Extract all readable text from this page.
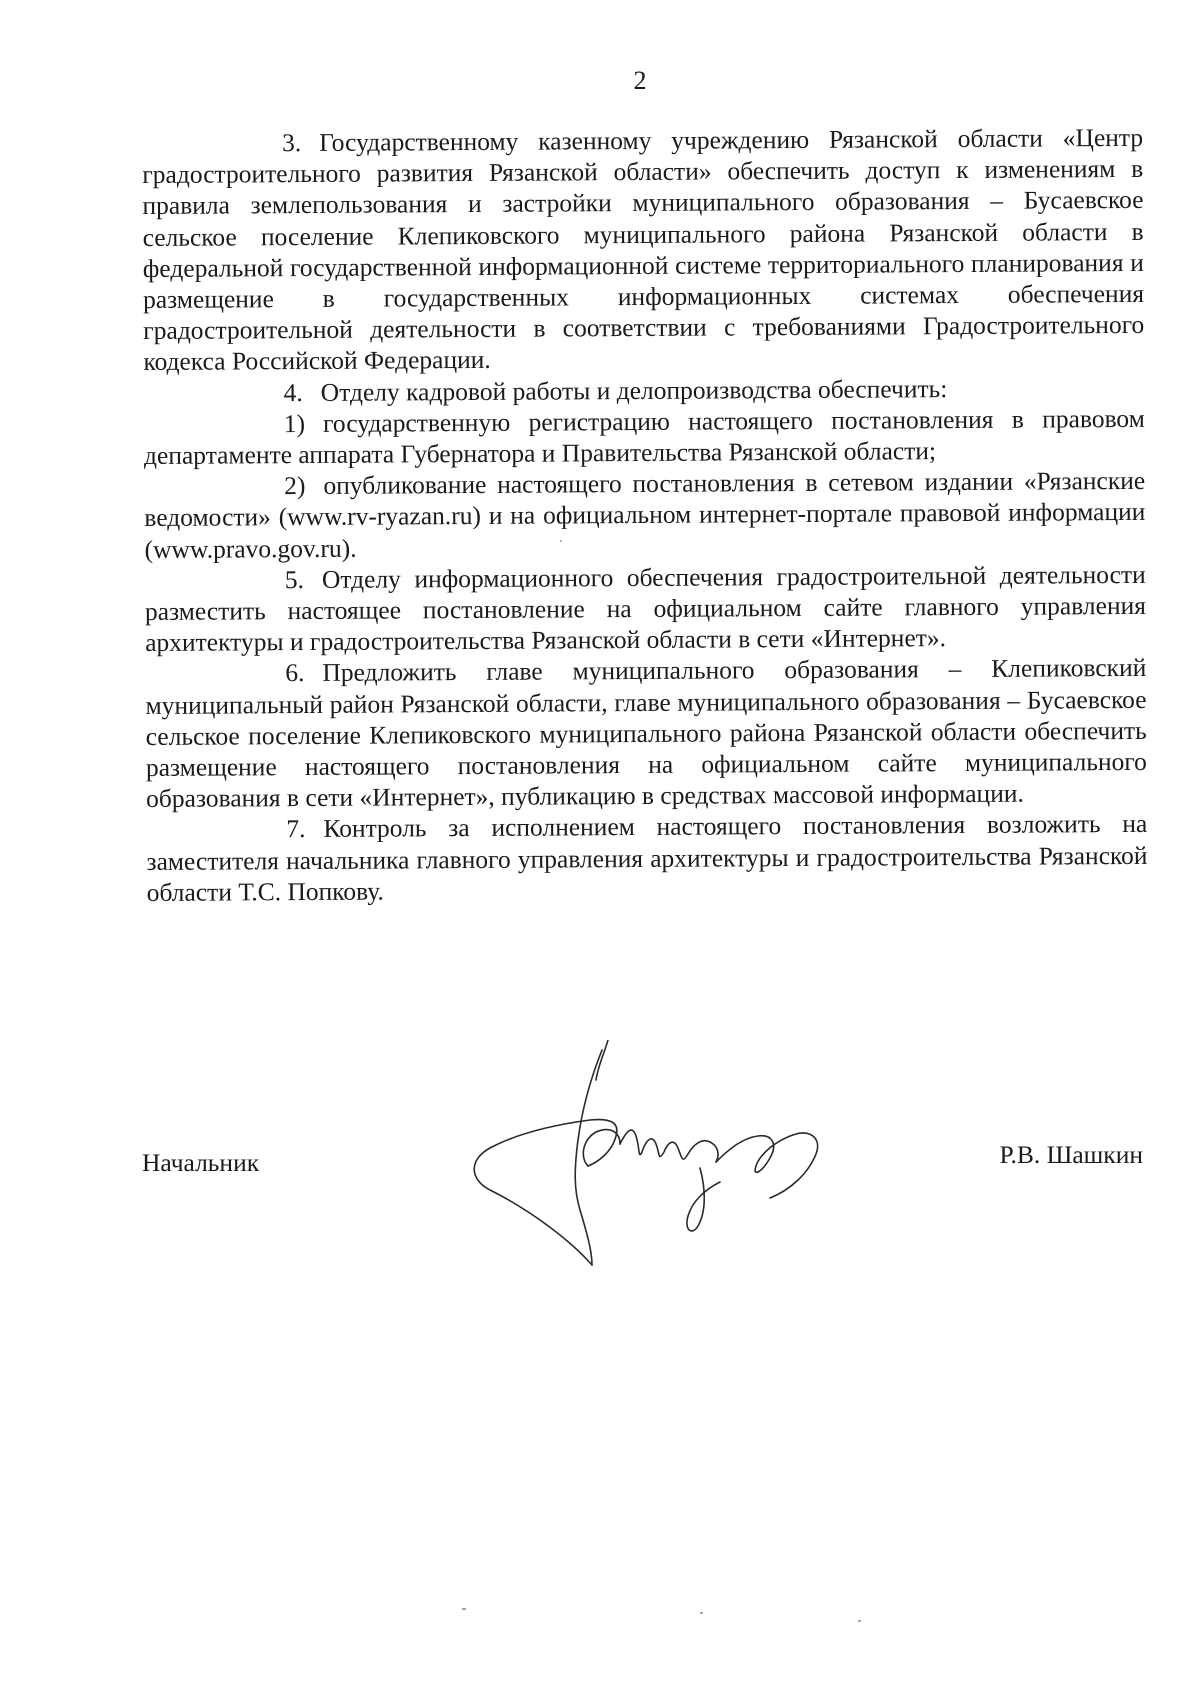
2

3. Государственному казенному учреждению Рязанской области «Центр градостроительного развития Рязанской области» обеспечить доступ к изменениям в правила землепользования и застройки муниципального образования – Бусаевское сельское поселение Клепиковского муниципального района Рязанской области в федеральной государственной информационной системе территориального планирования и размещение в государственных информационных системах обеспечения градостроительной деятельности в соответствии с требованиями Градостроительного кодекса Российской Федерации.

4. Отделу кадровой работы и делопроизводства обеспечить:

1) государственную регистрацию настоящего постановления в правовом департаменте аппарата Губернатора и Правительства Рязанской области;

2) опубликование настоящего постановления в сетевом издании «Рязанские ведомости» (www.rv-ryazan.ru) и на официальном интернет-портале правовой информации (www.pravo.gov.ru).

5. Отделу информационного обеспечения градостроительной деятельности разместить настоящее постановление на официальном сайте главного управления архитектуры и градостроительства Рязанской области в сети «Интернет».

6. Предложить главе муниципального образования – Клепиковский муниципальный район Рязанской области, главе муниципального образования – Бусаевское сельское поселение Клепиковского муниципального района Рязанской области обеспечить размещение настоящего постановления на официальном сайте муниципального образования в сети «Интернет», публикацию в средствах массовой информации.

7. Контроль за исполнением настоящего постановления возложить на заместителя начальника главного управления архитектуры и градостроительства Рязанской области Т.С. Попкову.

Начальник	Р.В. Шашкин
